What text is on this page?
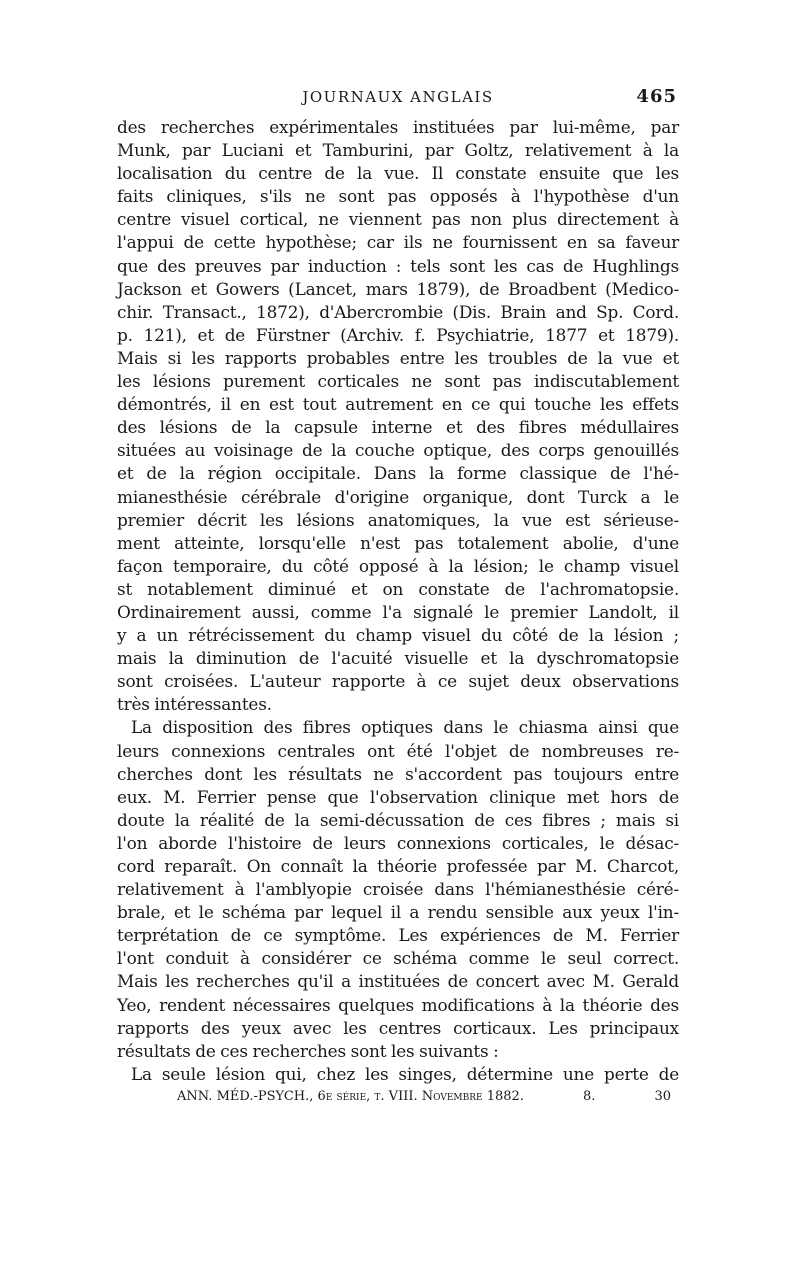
JOURNAUX ANGLAIS	465
des recherches expérimentales instituées par lui-même, par
Munk, par Luciani et Tamburini, par Goltz, relativement à la
localisation du centre de la vue. Il constate ensuite que les
faits cliniques, s'ils ne sont pas opposés à l'hypothèse d'un
centre visuel cortical, ne viennent pas non plus directement à
l'appui de cette hypothèse; car ils ne fournissent en sa faveur
que des preuves par induction : tels sont les cas de Hughlings
Jackson et Gowers (Lancet, mars 1879), de Broadbent (Medico-
chir. Transact., 1872), d'Abercrombie (Dis. Brain and Sp. Cord.
p. 121), et de Fürstner (Archiv. f. Psychiatrie, 1877 et 1879).
Mais si les rapports probables entre les troubles de la vue et
les lésions purement corticales ne sont pas indiscutablement
démontrés, il en est tout autrement en ce qui touche les effets
des lésions de la capsule interne et des fibres médullaires
situées au voisinage de la couche optique, des corps genouillés
et de la région occipitale. Dans la forme classique de l'hé-
mianesthésie cérébrale d'origine organique, dont Turck a le
premier décrit les lésions anatomiques, la vue est sérieuse-
ment atteinte, lorsqu'elle n'est pas totalement abolie, d'une
façon temporaire, du côté opposé à la lésion; le champ visuel
st notablement diminué et on constate de l'achromatopsie.
Ordinairement aussi, comme l'a signalé le premier Landolt, il
y a un rétrécissement du champ visuel du côté de la lésion ;
mais la diminution de l'acuité visuelle et la dyschromatopsie
sont croisées. L'auteur rapporte à ce sujet deux observations
très intéressantes.
La disposition des fibres optiques dans le chiasma ainsi que
leurs connexions centrales ont été l'objet de nombreuses re-
cherches dont les résultats ne s'accordent pas toujours entre
eux. M. Ferrier pense que l'observation clinique met hors de
doute la réalité de la semi-décussation de ces fibres ; mais si
l'on aborde l'histoire de leurs connexions corticales, le désac-
cord reparaît. On connaît la théorie professée par M. Charcot,
relativement à l'amblyopie croisée dans l'hémianesthésie céré-
brale, et le schéma par lequel il a rendu sensible aux yeux l'in-
terprétation de ce symptôme. Les expériences de M. Ferrier
l'ont conduit à considérer ce schéma comme le seul correct.
Mais les recherches qu'il a instituées de concert avec M. Gerald
Yeo, rendent nécessaires quelques modifications à la théorie des
rapports des yeux avec les centres corticaux. Les principaux
résultats de ces recherches sont les suivants :
La seule lésion qui, chez les singes, détermine une perte de
ANN. MÉD.-PSYCH., 6e série, t. VIII. Novembre 1882.	8.	30
